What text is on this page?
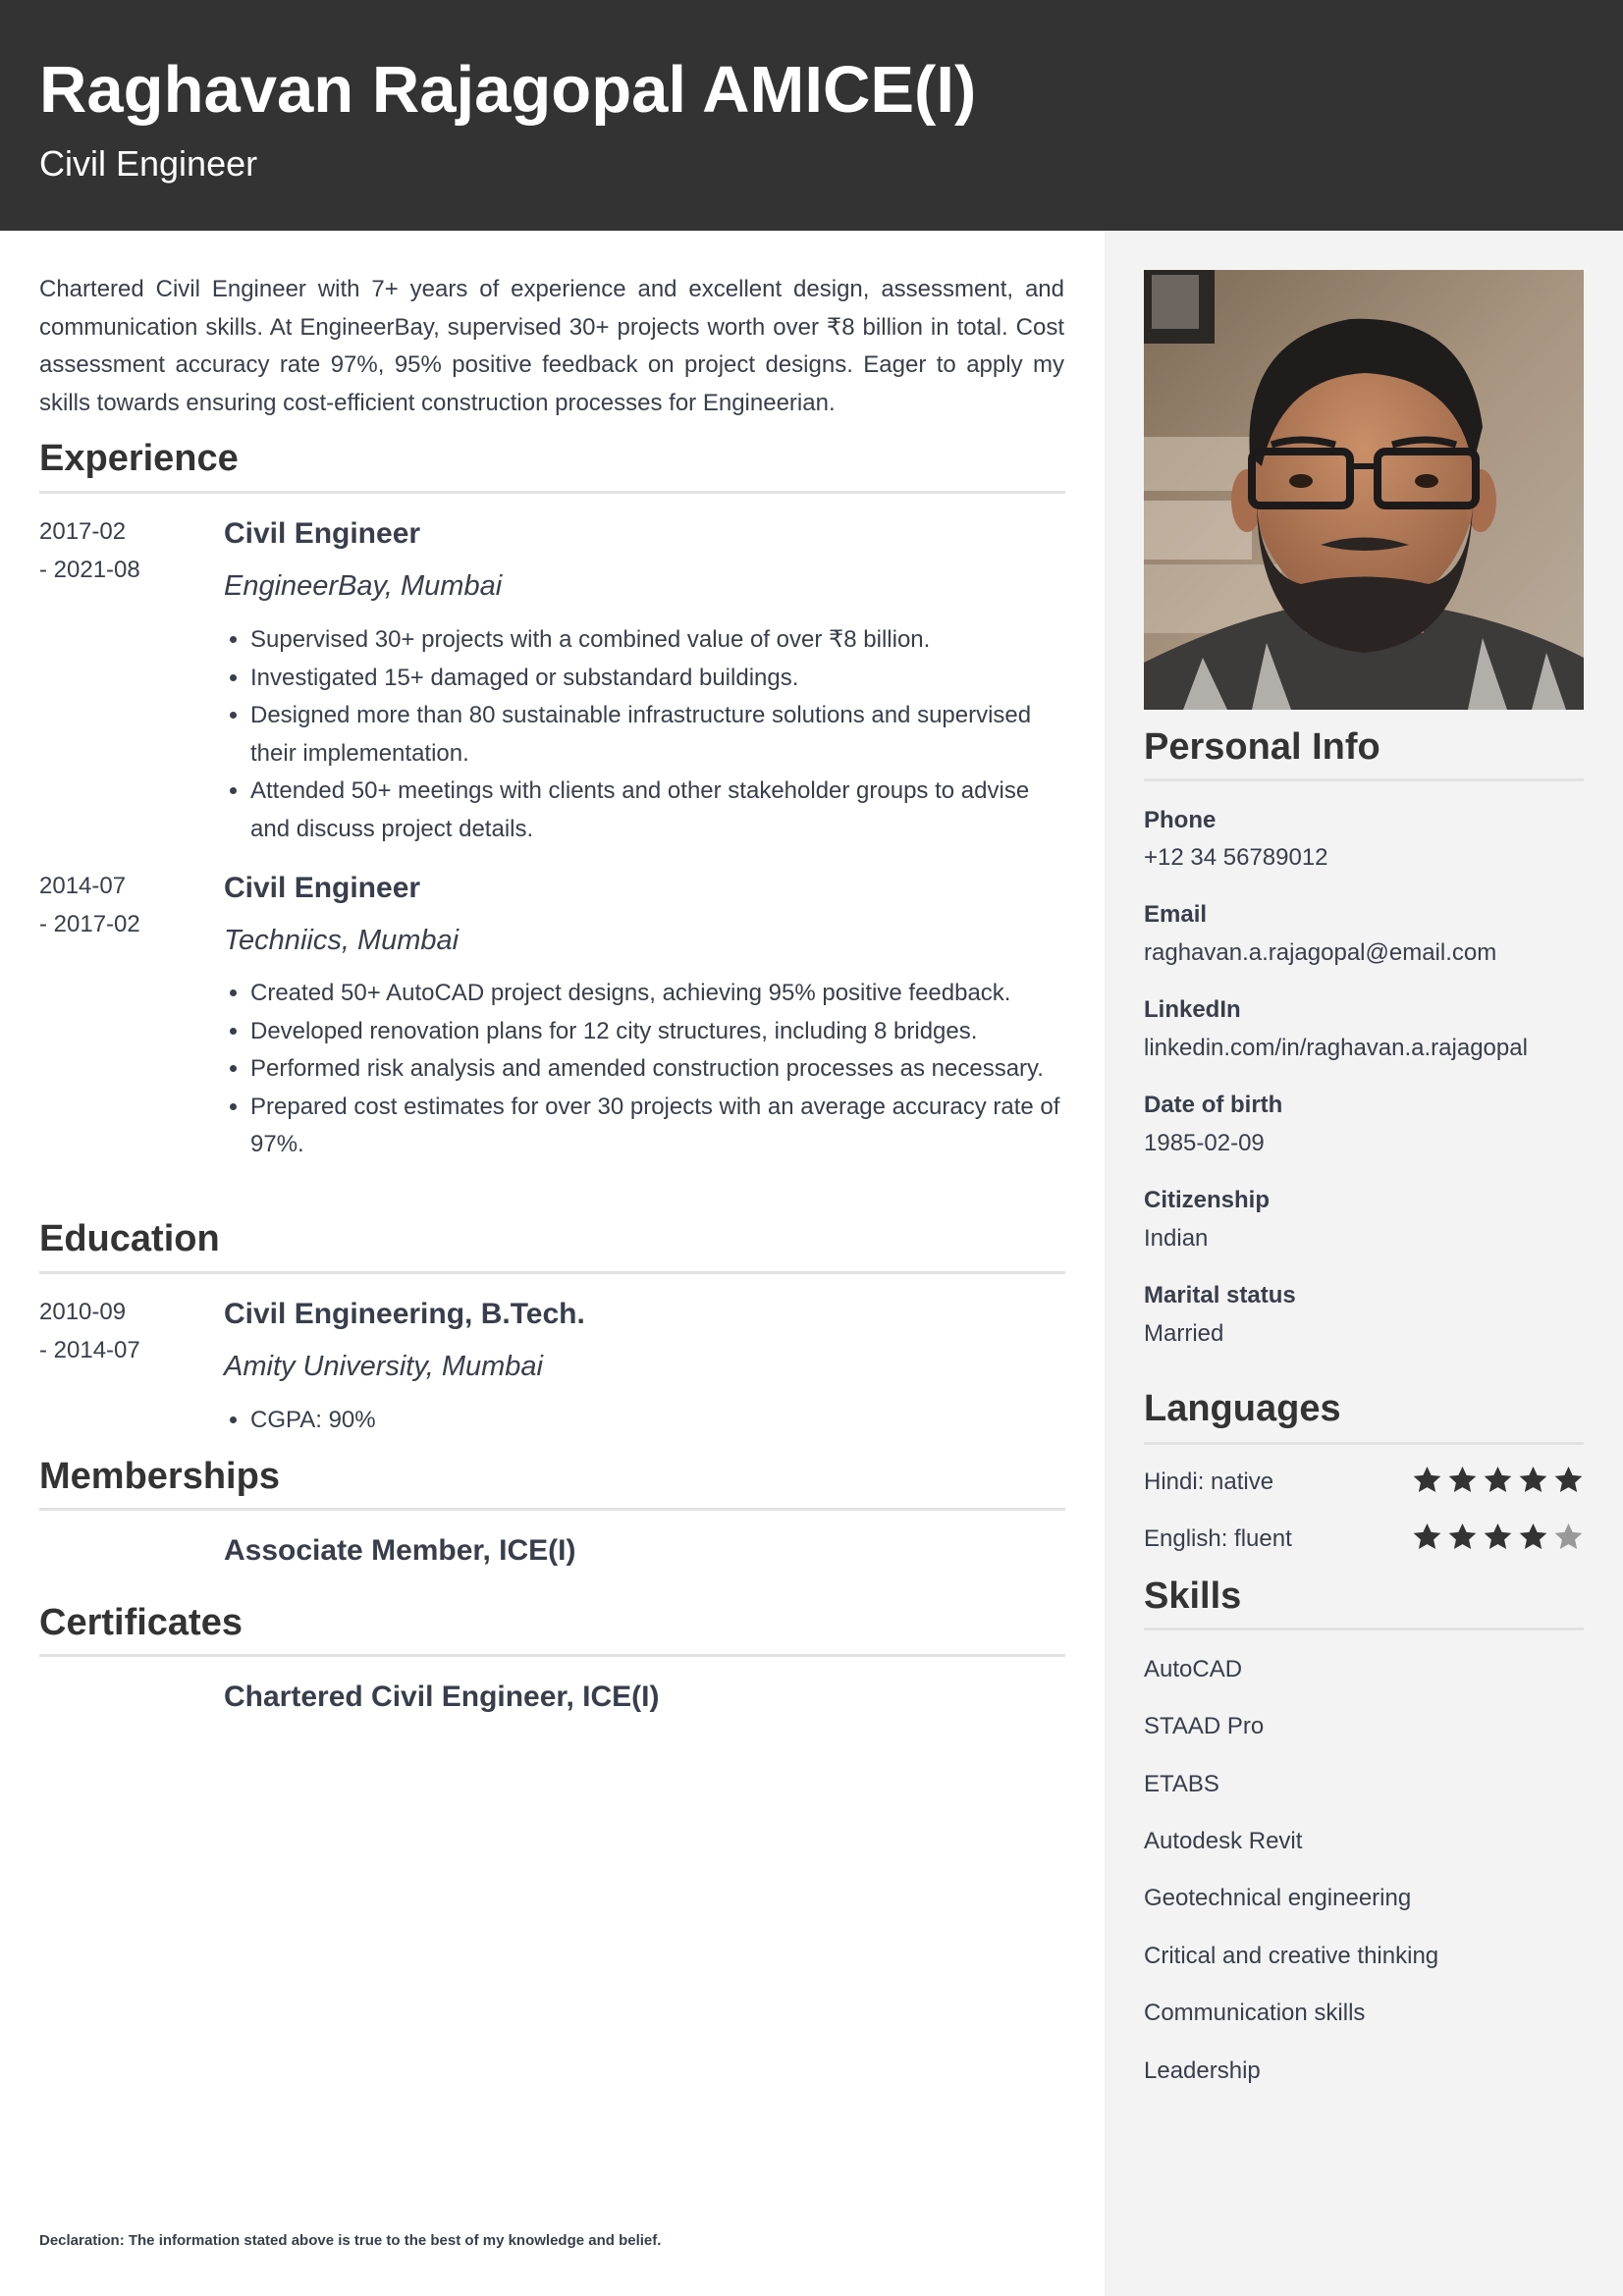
Raghavan Rajagopal AMICE(I)
Civil Engineer

Chartered Civil Engineer with 7+ years of experience and excellent design, assessment, and communication skills. At EngineerBay, supervised 30+ projects worth over ₹8 billion in total. Cost assessment accuracy rate 97%, 95% positive feedback on project designs. Eager to apply my skills towards ensuring cost-efficient construction processes for Engineerian.

Experience
2017-02
- 2021-08
Civil Engineer
EngineerBay, Mumbai
• Supervised 30+ projects with a combined value of over ₹8 billion.
• Investigated 15+ damaged or substandard buildings.
• Designed more than 80 sustainable infrastructure solutions and supervised their implementation.
• Attended 50+ meetings with clients and other stakeholder groups to advise and discuss project details.
2014-07
- 2017-02
Civil Engineer
Techniics, Mumbai
• Created 50+ AutoCAD project designs, achieving 95% positive feedback.
• Developed renovation plans for 12 city structures, including 8 bridges.
• Performed risk analysis and amended construction processes as necessary.
• Prepared cost estimates for over 30 projects with an average accuracy rate of 97%.
Education
2010-09
- 2014-07
Civil Engineering, B.Tech.
Amity University, Mumbai
• CGPA: 90%
Memberships
Associate Member, ICE(I)
Certificates
Chartered Civil Engineer, ICE(I)
Declaration: The information stated above is true to the best of my knowledge and belief.
Personal Info
Phone
+12 34 56789012
Email
raghavan.a.rajagopal@email.com
LinkedIn
linkedin.com/in/raghavan.a.rajagopal
Date of birth
1985-02-09
Citizenship
Indian
Marital status
Married
Languages
Hindi: native
English: fluent
Skills
AutoCAD
STAAD Pro
ETABS
Autodesk Revit
Geotechnical engineering
Critical and creative thinking
Communication skills
Leadership
